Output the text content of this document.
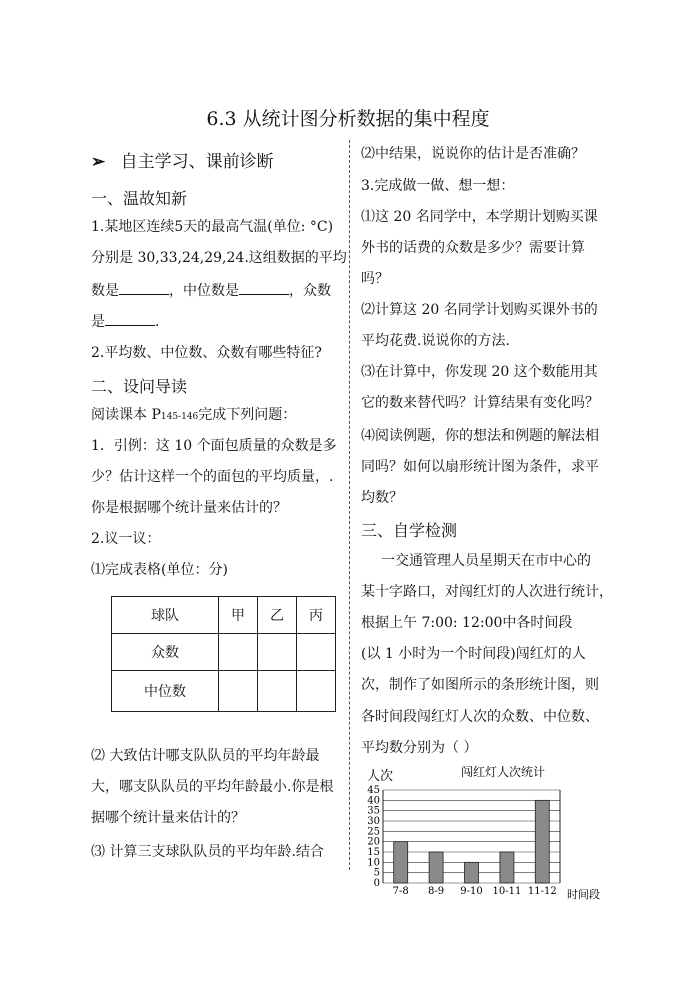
6.3 从统计图分析数据的集中程度
➢ 自主学习、课前诊断
一、温故知新
1.某地区连续5天的最高气温(单位: °C)
分别是 30,33,24,29,24.这组数据的平均
数是	，中位数是	，众数
是	.
2.平均数、中位数、众数有哪些特征?
二、设问导读
阅读课本 P145-146完成下列问题：
1．引例：这 10 个面包质量的众数是多
少？估计这样一个的面包的平均质量，.
你是根据哪个统计量来估计的？
2.议一议：
⑴完成表格(单位：分)
球队	甲	乙	丙
众数			
中位数			
⑵ 大致估计哪支队队员的平均年龄最
大，哪支队队员的平均年龄最小.你是根
据哪个统计量来估计的？
⑶ 计算三支球队队员的平均年龄.结合
⑵中结果，说说你的估计是否准确？
3.完成做一做、想一想：
⑴这 20 名同学中，本学期计划购买课
外书的话费的众数是多少？需要计算
吗？
⑵计算这 20 名同学计划购买课外书的
平均花费.说说你的方法.
⑶在计算中，你发现 20 这个数能用其
它的数来替代吗？计算结果有变化吗？
⑷阅读例题，你的想法和例题的解法相
同吗？如何以扇形统计图为条件，求平
均数？
三、自学检测
一交通管理人员星期天在市中心的
某十字路口，对闯红灯的人次进行统计，
根据上午 7:00: 12:00中各时间段
(以 1 小时为一个时间段)闯红灯的人
次，制作了如图所示的条形统计图，则
各时间段闯红灯人次的众数、中位数、
平均数分别为（ ）
闯红灯人次统计
人次
时间段
0
5
10
15
20
25
30
35
40
45
7-8 8-9 9-10 10-11 11-12
